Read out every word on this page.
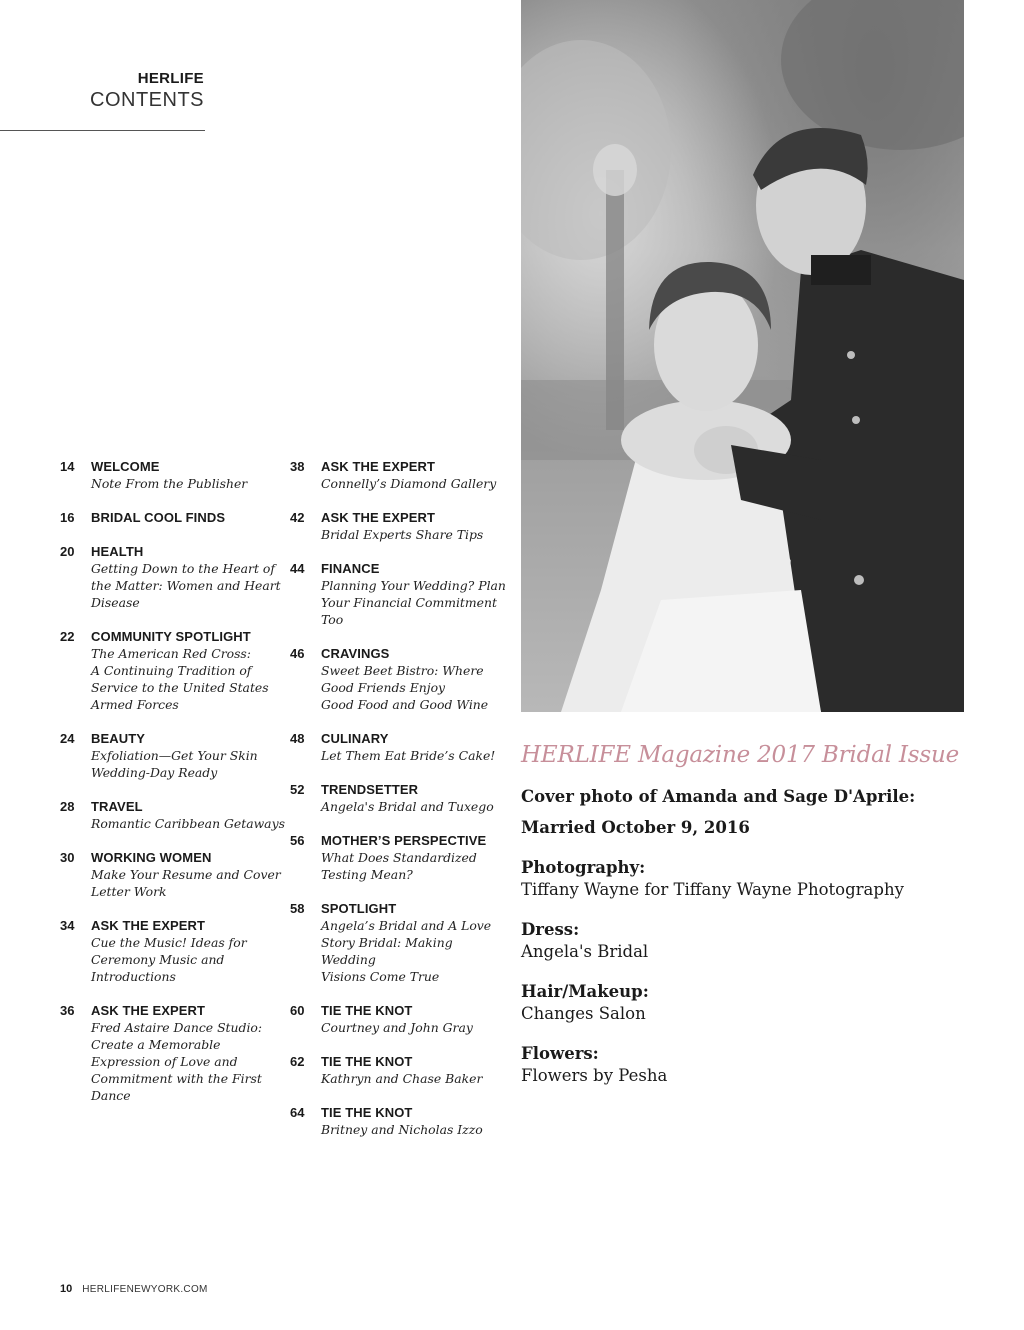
HERLIFE
CONTENTS
14	WELCOME
Note From the Publisher
16	BRIDAL COOL FINDS
20	HEALTH
Getting Down to the Heart of
the Matter: Women and Heart
Disease
22	COMMUNITY SPOTLIGHT
The American Red Cross:
A Continuing Tradition of
Service to the United States
Armed Forces
24	BEAUTY
Exfoliation—Get Your Skin
Wedding-Day Ready
28	TRAVEL
Romantic Caribbean Getaways
30	WORKING WOMEN
Make Your Resume and Cover
Letter Work
34	ASK THE EXPERT
Cue the Music! Ideas for
Ceremony Music and
Introductions
36	ASK THE EXPERT
Fred Astaire Dance Studio:
Create a Memorable
Expression of Love and
Commitment with the First
Dance
38	ASK THE EXPERT
Connelly’s Diamond Gallery
42	ASK THE EXPERT
Bridal Experts Share Tips
44	FINANCE
Planning Your Wedding? Plan
Your Financial Commitment
Too
46	CRAVINGS
Sweet Beet Bistro: Where
Good Friends Enjoy
Good Food and Good Wine
48	CULINARY
Let Them Eat Bride’s Cake!
52	TRENDSETTER
Angela's Bridal and Tuxego
56	MOTHER’S PERSPECTIVE
What Does Standardized
Testing Mean?
58	SPOTLIGHT
Angela’s Bridal and A Love
Story Bridal: Making Wedding
Visions Come True
60	TIE THE KNOT
Courtney and John Gray
62	TIE THE KNOT
Kathryn and Chase Baker
64	TIE THE KNOT
Britney and Nicholas Izzo
HERLIFE Magazine 2017 Bridal Issue
Cover photo of Amanda and Sage D'Aprile:
Married October 9, 2016
Photography:
Tiffany Wayne for Tiffany Wayne Photography
Dress:
Angela's Bridal
Hair/Makeup:
Changes Salon
Flowers:
Flowers by Pesha
10 HERLIFENEWYORK.COM
